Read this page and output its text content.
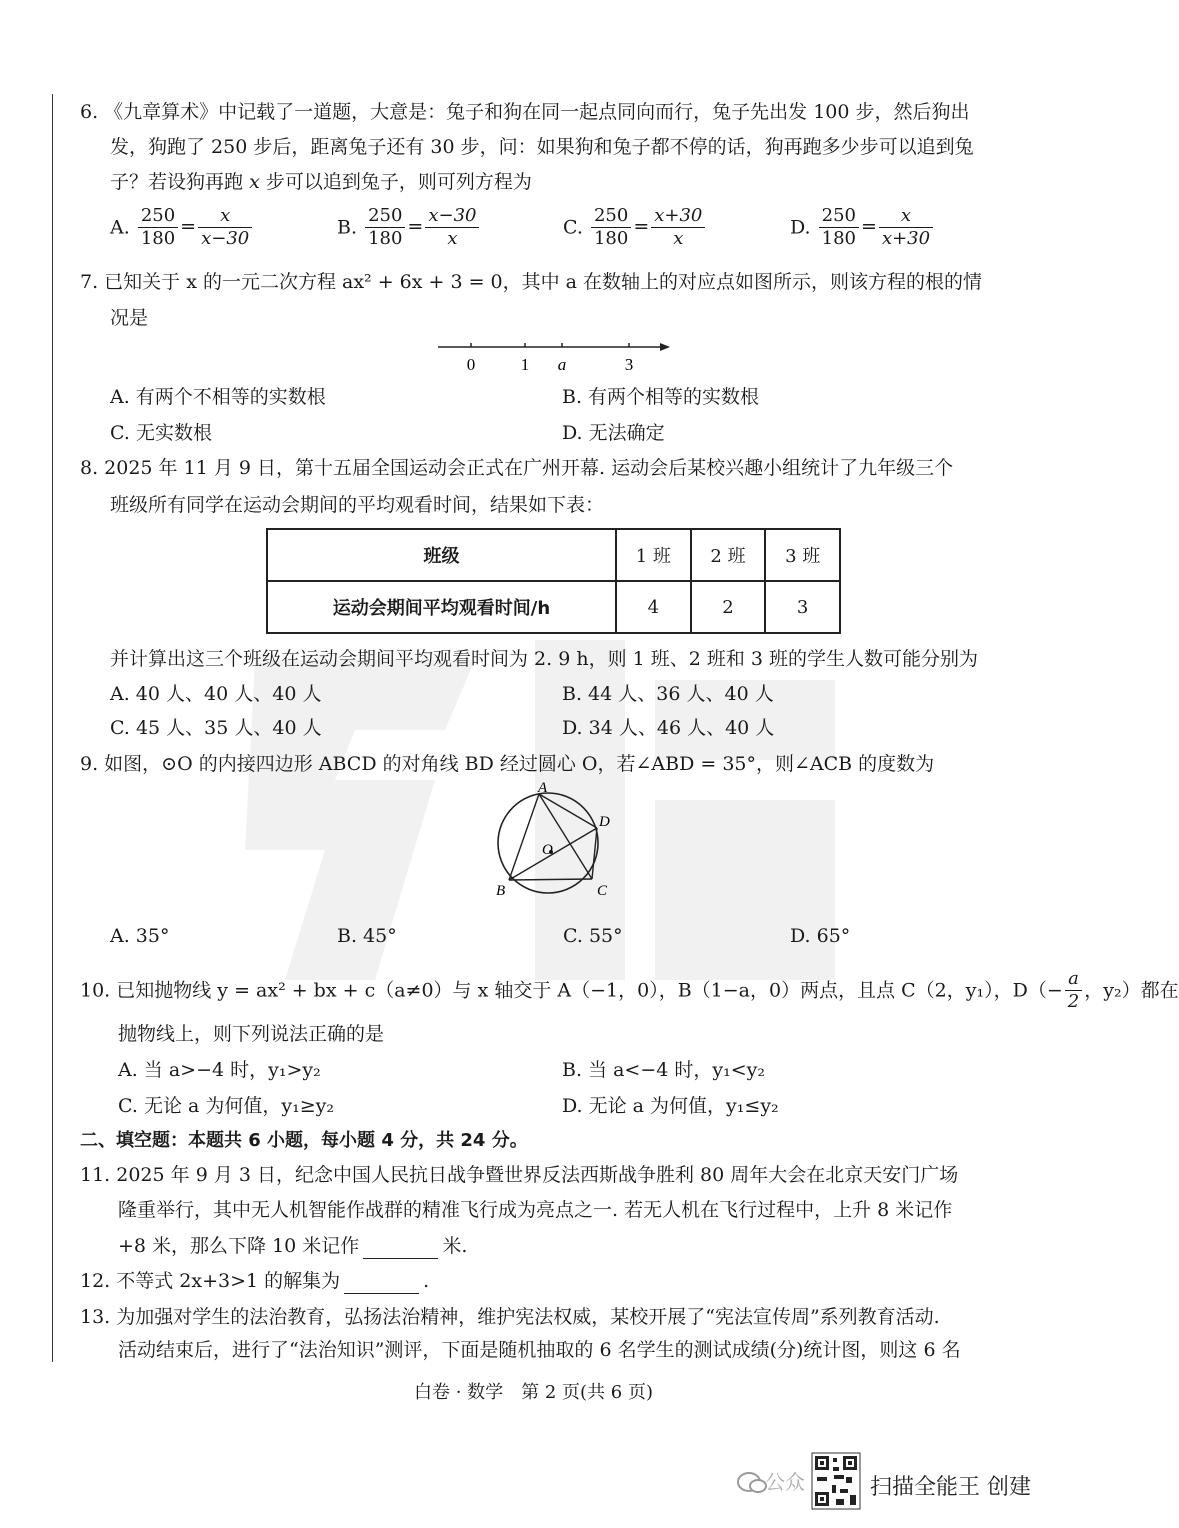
6. 《九章算术》中记载了一道题，大意是：兔子和狗在同一起点同向而行，兔子先出发 100 步，然后狗出
发，狗跑了 250 步后，距离兔子还有 30 步，问：如果狗和兔子都不停的话，狗再跑多少步可以追到兔
子？若设狗再跑 x 步可以追到兔子，则可列方程为
A. $\frac{250}{180} = \frac{x}{x-30}$	B. $\frac{250}{180} = \frac{x-30}{x}$	C. $\frac{250}{180} = \frac{x+30}{x}$	D. $\frac{250}{180} = \frac{x}{x+30}$
7. 已知关于 x 的一元二次方程 ax² + 6x + 3 = 0，其中 a 在数轴上的对应点如图所示，则该方程的根的情
况是
0	1 a	3
A. 有两个不相等的实数根	B. 有两个相等的实数根
C. 无实数根	D. 无法确定
8. 2025 年 11 月 9 日，第十五届全国运动会正式在广州开幕. 运动会后某校兴趣小组统计了九年级三个
班级所有同学在运动会期间的平均观看时间，结果如下表：
班级	1 班	2 班	3 班
运动会期间平均观看时间/h	4	2	3
并计算出这三个班级在运动会期间平均观看时间为 2. 9 h，则 1 班、2 班和 3 班的学生人数可能分别为
A. 40 人、40 人、40 人	B. 44 人、36 人、40 人
C. 45 人、35 人、40 人	D. 34 人、46 人、40 人
9. 如图，⊙O 的内接四边形 ABCD 的对角线 BD 经过圆心 O，若∠ABD = 35°，则∠ACB 的度数为
A
B	C
D
O
A. 35°	B. 45°	C. 55°	D. 65°
10. 已知抛物线 y = ax² + bx + c（a≠0）与 x 轴交于 A（−1，0），B（1−a，0）两点，且点 C（2，y₁），$D(- \frac{a}{2}$ ，y₂）都在
抛物线上，则下列说法正确的是
A. 当 a>−4 时，y₁>y₂	B. 当 a<−4 时，y₁<y₂
C. 无论 a 为何值，y₁≥y₂	D. 无论 a 为何值，y₁≤y₂
二、填空题：本题共 6 小题，每小题 4 分，共 24 分。
11. 2025 年 9 月 3 日，纪念中国人民抗日战争暨世界反法西斯战争胜利 80 周年大会在北京天安门广场
隆重举行，其中无人机智能作战群的精准飞行成为亮点之一. 若无人机在飞行过程中，上升 8 米记作
+8 米，那么下降 10 米记作	米.
12. 不等式 2x+3>1 的解集为	.
13. 为加强对学生的法治教育，弘扬法治精神，维护宪法权威，某校开展了“宪法宣传周”系列教育活动.
活动结束后，进行了“法治知识”测评，下面是随机抽取的 6 名学生的测试成绩(分)统计图，则这 6 名
白卷 · 数学　第 2 页(共 6 页)
公众	扫描全能王 创建
